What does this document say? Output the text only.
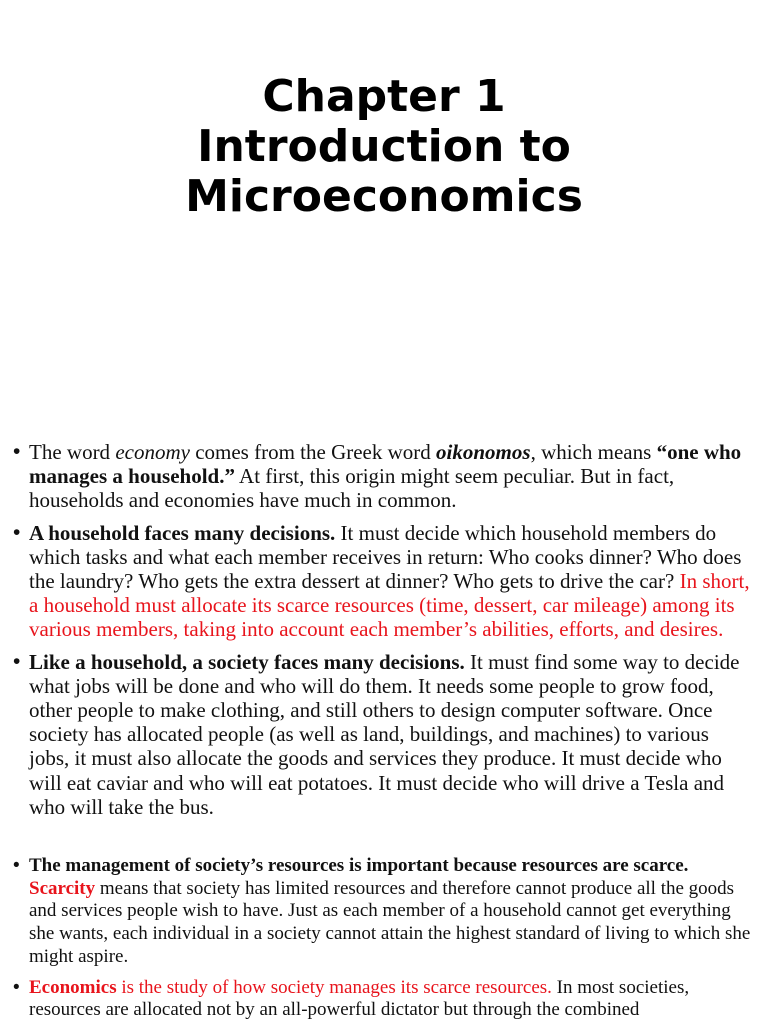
Chapter 1
Introduction to
Microeconomics
• The word economy comes from the Greek word oikonomos, which means “one who manages a household.” At first, this origin might seem peculiar. But in fact, households and economies have much in common.
• A household faces many decisions. It must decide which household members do which tasks and what each member receives in return: Who cooks dinner? Who does the laundry? Who gets the extra dessert at dinner? Who gets to drive the car? In short, a household must allocate its scarce resources (time, dessert, car mileage) among its various members, taking into account each member’s abilities, efforts, and desires.
• Like a household, a society faces many decisions. It must find some way to decide what jobs will be done and who will do them. It needs some people to grow food, other people to make clothing, and still others to design computer software. Once society has allocated people (as well as land, buildings, and machines) to various jobs, it must also allocate the goods and services they produce. It must decide who will eat caviar and who will eat potatoes. It must decide who will drive a Tesla and who will take the bus.
• The management of society’s resources is important because resources are scarce. Scarcity means that society has limited resources and therefore cannot produce all the goods and services people wish to have. Just as each member of a household cannot get everything she wants, each individual in a society cannot attain the highest standard of living to which she might aspire.
• Economics is the study of how society manages its scarce resources. In most societies, resources are allocated not by an all-powerful dictator but through the combined
